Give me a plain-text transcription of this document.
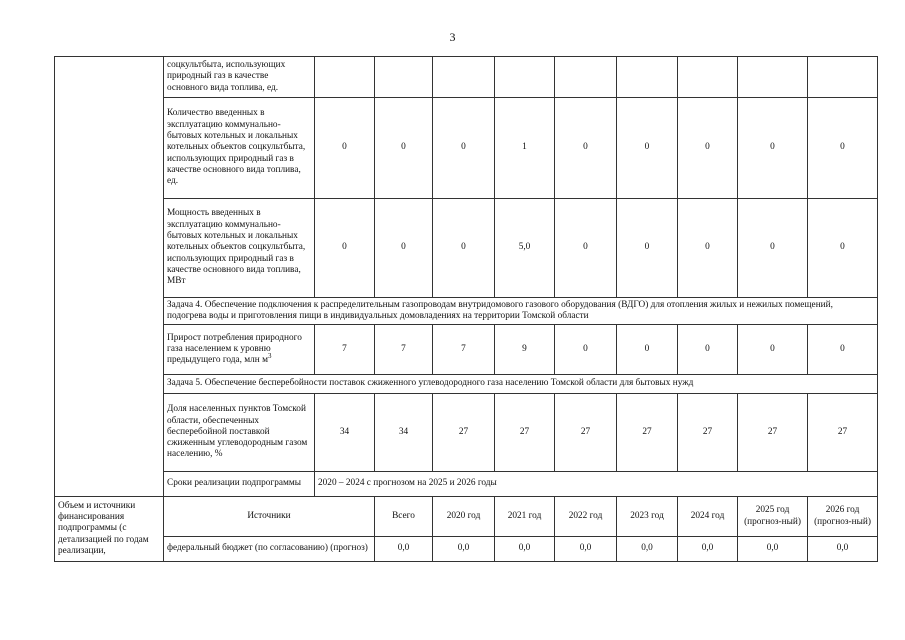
3
	соцкультбыта, использующих природный газ в качестве основного вида топлива, ед.									
	Количество введенных в эксплуатацию коммунально-бытовых котельных и локальных котельных объектов соцкультбыта, использующих природный газ в качестве основного вида топлива, ед.	0	0	0	1	0	0	0	0	0
	Мощность введенных в эксплуатацию коммунально-бытовых котельных и локальных котельных объектов соцкультбыта, использующих природный газ в качестве основного вида топлива, МВт	0	0	0	5,0	0	0	0	0	0
	Задача 4. Обеспечение подключения к распределительным газопроводам внутридомового газового оборудования (ВДГО) для отопления жилых и нежилых помещений, подогрева воды и приготовления пищи в индивидуальных домовладениях на территории Томской области									
	Прирост потребления природного газа населением к уровню предыдущего года, млн $м^3$	7	7	7	9	0	0	0	0	0
	Задача 5. Обеспечение бесперебойности поставок сжиженного углеводородного газа населению Томской области для бытовых нужд									
	Доля населенных пунктов Томской области, обеспеченных бесперебойной поставкой сжиженным углеводородным газом населению, %	34	34	27	27	27	27	27	27	27
	Сроки реализации подпрограммы	2020 – 2024 с прогнозом на 2025 и 2026 годы								
Объем и источники финансирования подпрограммы (с детализацией по годам реализации,	Источники		Всего	2020 год	2021 год	2022 год	2023 год	2024 год	2025 год (прогноз-ный)	2026 год (прогноз-ный)
	федеральный бюджет (по согласованию) (прогноз)		0,0	0,0	0,0	0,0	0,0	0,0	0,0	0,0
